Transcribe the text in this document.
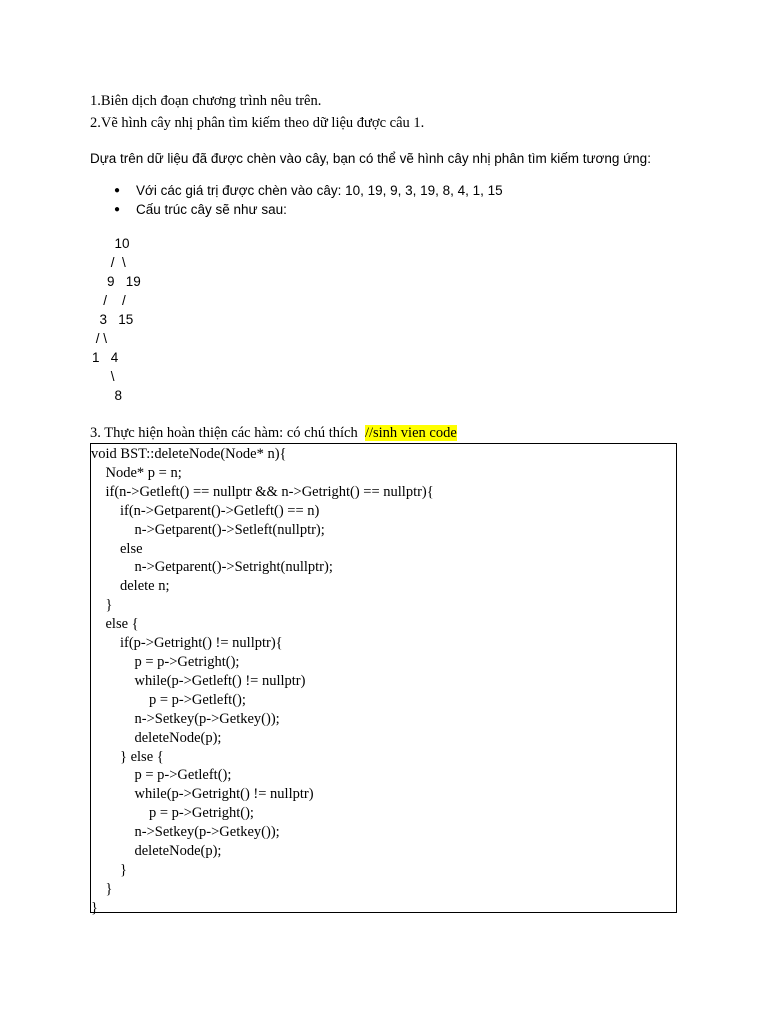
1.Biên dịch đoạn chương trình nêu trên.
2.Vẽ hình cây nhị phân tìm kiếm theo dữ liệu được câu 1.
Dựa trên dữ liệu đã được chèn vào cây, bạn có thể vẽ hình cây nhị phân tìm kiếm tương ứng:
● Với các giá trị được chèn vào cây: 10, 19, 9, 3, 19, 8, 4, 1, 15
● Cấu trúc cây sẽ như sau:
10
/  \
9   19
/    /
3   15
/ \
1   4
\
8
3. Thực hiện hoàn thiện các hàm: có chú thích  //sinh vien code
void BST::deleteNode(Node* n){
Node* p = n;
if(n->Getleft() == nullptr && n->Getright() == nullptr){
if(n->Getparent()->Getleft() == n)
n->Getparent()->Setleft(nullptr);
else
n->Getparent()->Setright(nullptr);
delete n;
}
else {
if(p->Getright() != nullptr){
p = p->Getright();
while(p->Getleft() != nullptr)
p = p->Getleft();
n->Setkey(p->Getkey());
deleteNode(p);
} else {
p = p->Getleft();
while(p->Getright() != nullptr)
p = p->Getright();
n->Setkey(p->Getkey());
deleteNode(p);
}
}
}
